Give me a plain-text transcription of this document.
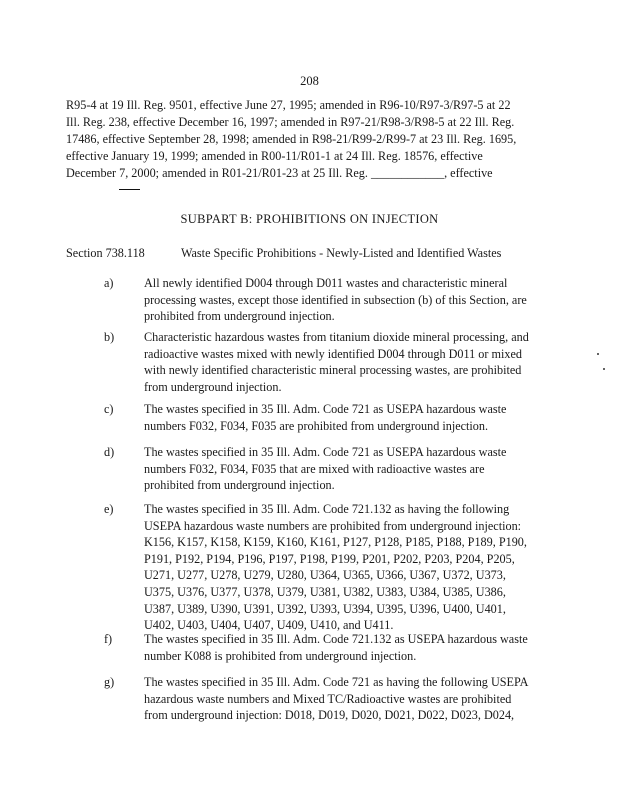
208
R95-4 at 19 Ill. Reg. 9501, effective June 27, 1995; amended in R96-10/R97-3/R97-5 at 22
Ill. Reg. 238, effective December 16, 1997; amended in R97-21/R98-3/R98-5 at 22 Ill. Reg.
17486, effective September 28, 1998; amended in R98-21/R99-2/R99-7 at 23 Ill. Reg. 1695,
effective January 19, 1999; amended in R00-11/R01-1 at 24 Ill. Reg. 18576, effective
December 7, 2000; amended in R01-21/R01-23 at 25 Ill. Reg. ____________, effective
SUBPART B: PROHIBITIONS ON INJECTION
Section 738.118	Waste Specific Prohibitions - Newly-Listed and Identified Wastes
a)	All newly identified D004 through D011 wastes and characteristic mineral
processing wastes, except those identified in subsection (b) of this Section, are
prohibited from underground injection.
b)	Characteristic hazardous wastes from titanium dioxide mineral processing, and
radioactive wastes mixed with newly identified D004 through D011 or mixed
with newly identified characteristic mineral processing wastes, are prohibited
from underground injection.
c)	The wastes specified in 35 Ill. Adm. Code 721 as USEPA hazardous waste
numbers F032, F034, F035 are prohibited from underground injection.
d)	The wastes specified in 35 Ill. Adm. Code 721 as USEPA hazardous waste
numbers F032, F034, F035 that are mixed with radioactive wastes are
prohibited from underground injection.
e)	The wastes specified in 35 Ill. Adm. Code 721.132 as having the following
USEPA hazardous waste numbers are prohibited from underground injection:
K156, K157, K158, K159, K160, K161, P127, P128, P185, P188, P189, P190,
P191, P192, P194, P196, P197, P198, P199, P201, P202, P203, P204, P205,
U271, U277, U278, U279, U280, U364, U365, U366, U367, U372, U373,
U375, U376, U377, U378, U379, U381, U382, U383, U384, U385, U386,
U387, U389, U390, U391, U392, U393, U394, U395, U396, U400, U401,
U402, U403, U404, U407, U409, U410, and U411.
f)	The wastes specified in 35 Ill. Adm. Code 721.132 as USEPA hazardous waste
number K088 is prohibited from underground injection.
g)	The wastes specified in 35 Ill. Adm. Code 721 as having the following USEPA
hazardous waste numbers and Mixed TC/Radioactive wastes are prohibited
from underground injection: D018, D019, D020, D021, D022, D023, D024,
